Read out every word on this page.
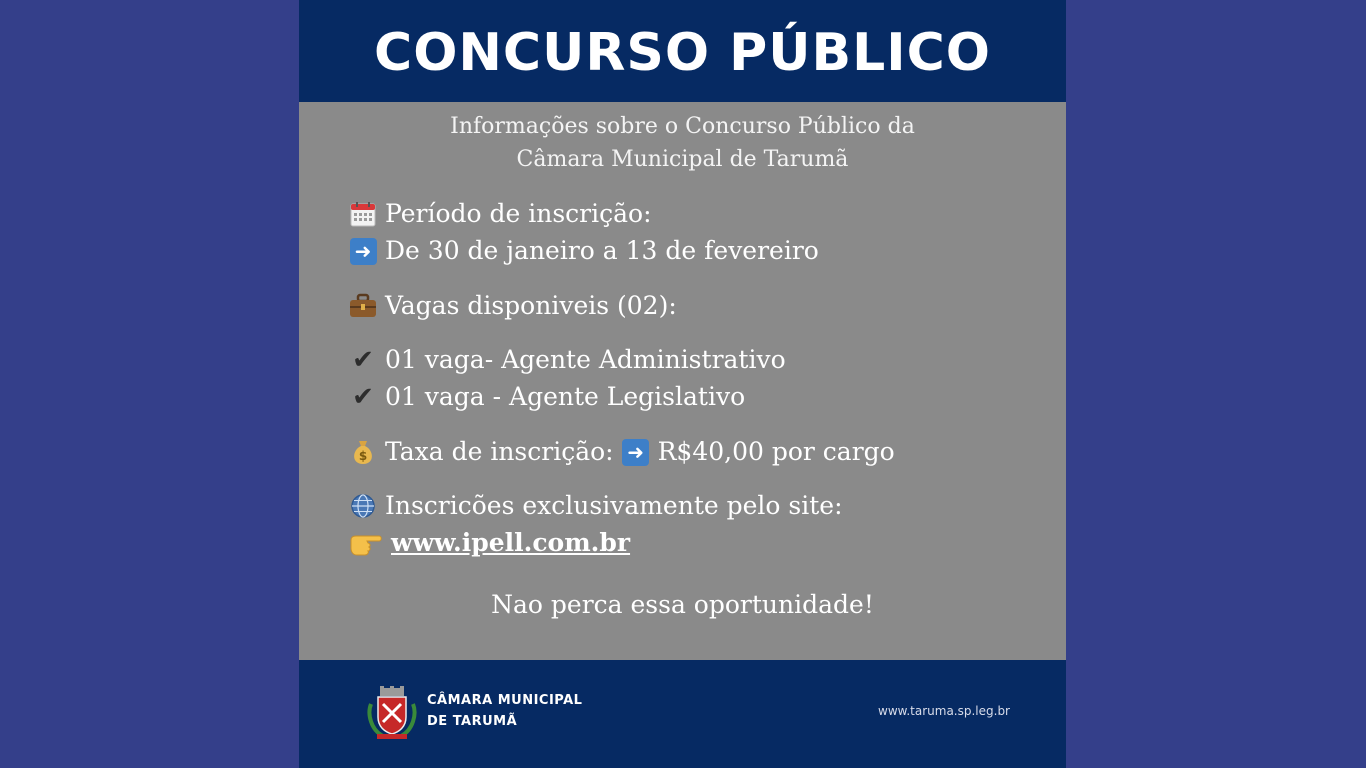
CONCURSO PÚBLICO
Informações sobre o Concurso Público da
Câmara Municipal de Tarumã
Período de inscrição:
➜ De 30 de janeiro a 13 de fevereiro
Vagas disponiveis (02):
✔ 01 vaga- Agente Administrativo
✔ 01 vaga - Agente Legislativo
$ Taxa de inscrição: ➜ R$40,00 por cargo
Inscricões exclusivamente pelo site:
www.ipell.com.br
Nao perca essa oportunidade!
CÂMARA MUNICIPAL
DE TARUMÃ
www.taruma.sp.leg.br
